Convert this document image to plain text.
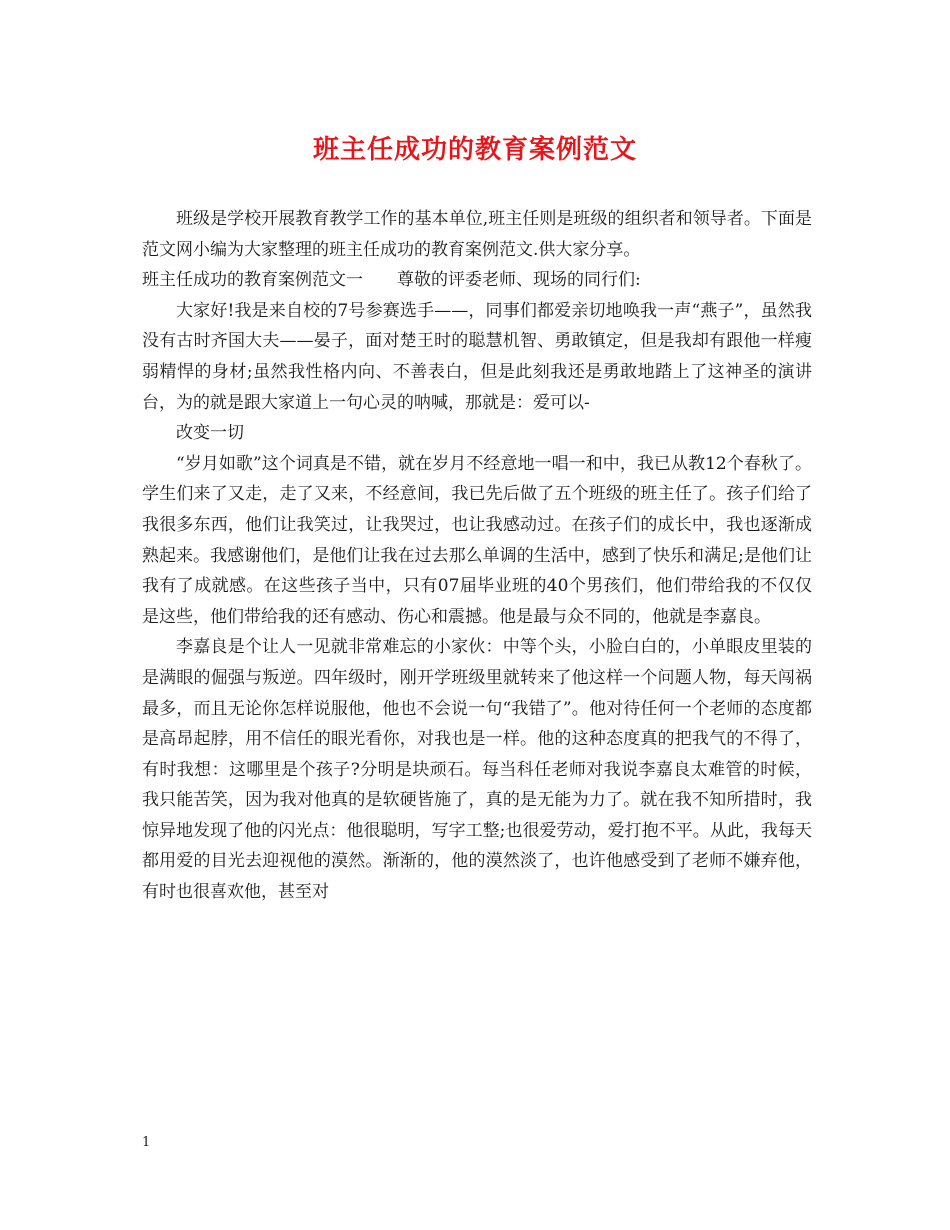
班主任成功的教育案例范文

班级是学校开展教育教学工作的基本单位,班主任则是班级的组织者和领导者。下面是范文网小编为大家整理的班主任成功的教育案例范文.供大家分享。

班主任成功的教育案例范文一　　尊敬的评委老师、现场的同行们:

大家好!我是来自校的7号参赛选手——，同事们都爱亲切地唤我一声“燕子”，虽然我没有古时齐国大夫——晏子，面对楚王时的聪慧机智、勇敢镇定，但是我却有跟他一样瘦弱精悍的身材;虽然我性格内向、不善表白，但是此刻我还是勇敢地踏上了这神圣的演讲台，为的就是跟大家道上一句心灵的呐喊，那就是：爱可以-

改变一切

“岁月如歌”这个词真是不错，就在岁月不经意地一唱一和中，我已从教12个春秋了。学生们来了又走，走了又来，不经意间，我已先后做了五个班级的班主任了。孩子们给了我很多东西，他们让我笑过，让我哭过，也让我感动过。在孩子们的成长中，我也逐渐成熟起来。我感谢他们，是他们让我在过去那么单调的生活中，感到了快乐和满足;是他们让我有了成就感。在这些孩子当中，只有07届毕业班的40个男孩们，他们带给我的不仅仅是这些，他们带给我的还有感动、伤心和震撼。他是最与众不同的，他就是李嘉良。

李嘉良是个让人一见就非常难忘的小家伙：中等个头，小脸白白的，小单眼皮里装的是满眼的倔强与叛逆。四年级时，刚开学班级里就转来了他这样一个问题人物，每天闯祸最多，而且无论你怎样说服他，他也不会说一句“我错了”。他对待任何一个老师的态度都是高昂起脖，用不信任的眼光看你，对我也是一样。他的这种态度真的把我气的不得了，有时我想：这哪里是个孩子?分明是块顽石。每当科任老师对我说李嘉良太难管的时候，我只能苦笑，因为我对他真的是软硬皆施了，真的是无能为力了。就在我不知所措时，我惊异地发现了他的闪光点：他很聪明，写字工整;也很爱劳动，爱打抱不平。从此，我每天都用爱的目光去迎视他的漠然。渐渐的，他的漠然淡了，也许他感受到了老师不嫌弃他，有时也很喜欢他，甚至对

1
